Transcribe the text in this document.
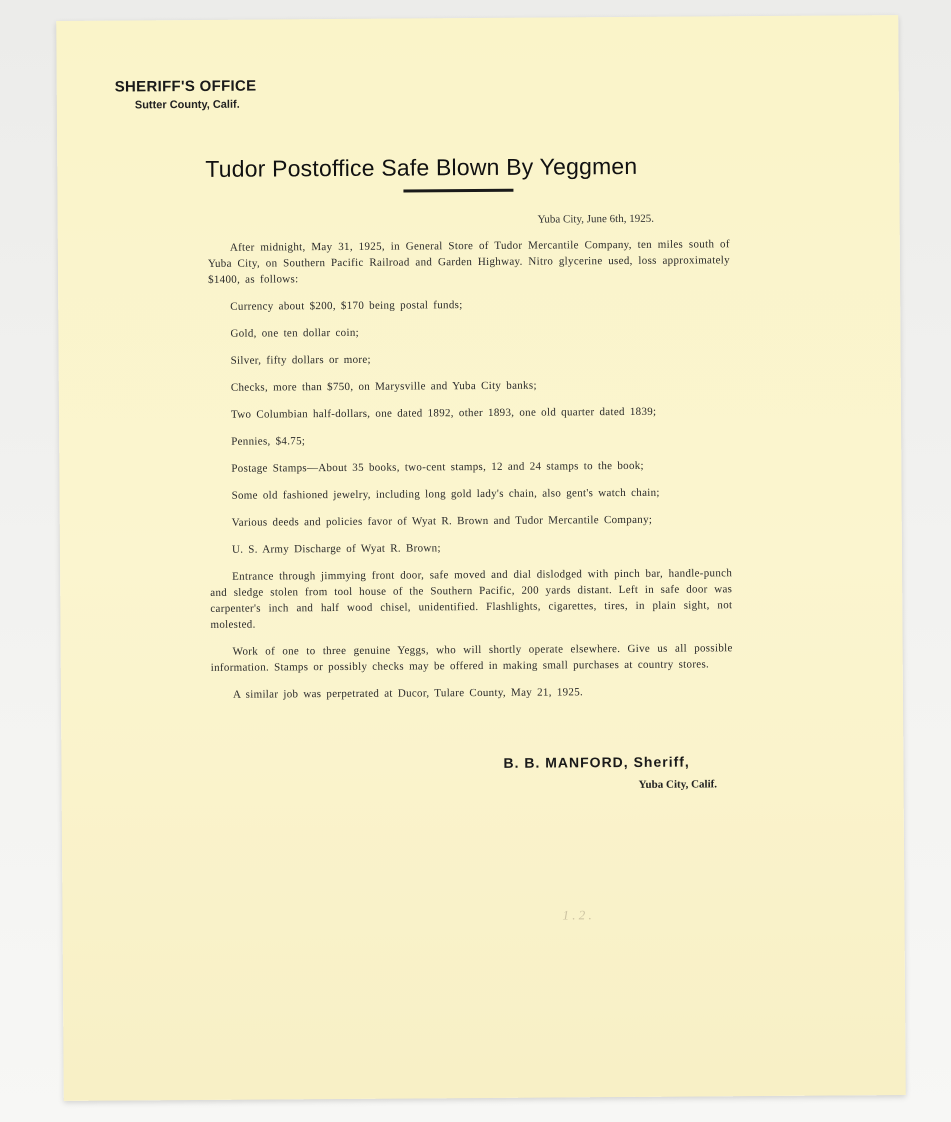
SHERIFF'S OFFICE
Sutter County, Calif.
Tudor Postoffice Safe Blown By Yeggmen
Yuba City, June 6th, 1925.

After midnight, May 31, 1925, in General Store of Tudor Mercantile Company, ten miles south of Yuba City, on Southern Pacific Railroad and Garden Highway. Nitro glycerine used, loss approximately $1400, as follows:

Currency about $200, $170 being postal funds;

Gold, one ten dollar coin;

Silver, fifty dollars or more;

Checks, more than $750, on Marysville and Yuba City banks;

Two Columbian half-dollars, one dated 1892, other 1893, one old quarter dated 1839;

Pennies, $4.75;

Postage Stamps—About 35 books, two-cent stamps, 12 and 24 stamps to the book;

Some old fashioned jewelry, including long gold lady's chain, also gent's watch chain;

Various deeds and policies favor of Wyat R. Brown and Tudor Mercantile Company;

U. S. Army Discharge of Wyat R. Brown;

Entrance through jimmying front door, safe moved and dial dislodged with pinch bar, handle-punch and sledge stolen from tool house of the Southern Pacific, 200 yards distant. Left in safe door was carpenter's inch and half wood chisel, unidentified. Flashlights, cigarettes, tires, in plain sight, not molested.

Work of one to three genuine Yeggs, who will shortly operate elsewhere. Give us all possible information. Stamps or possibly checks may be offered in making small purchases at country stores.

A similar job was perpetrated at Ducor, Tulare County, May 21, 1925.

B. B. MANFORD, Sheriff,
Yuba City, Calif.
1 . 2 .
